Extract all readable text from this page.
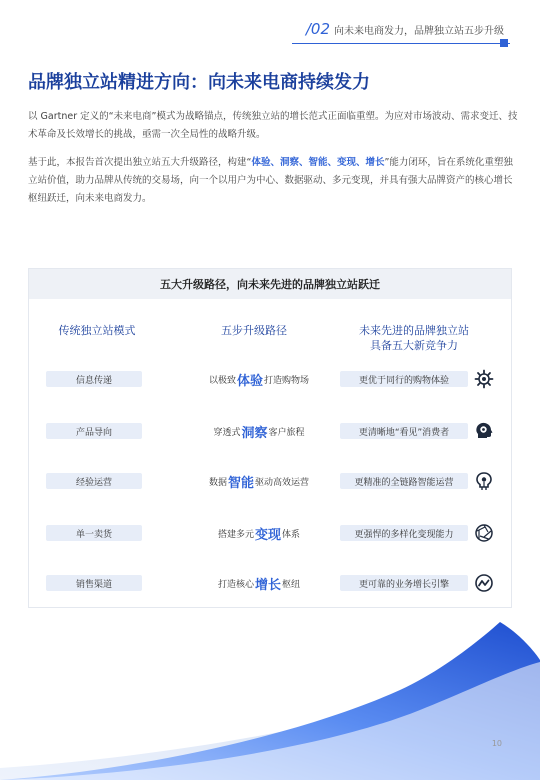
/02 向未来电商发力，品牌独立站五步升级
品牌独立站精进方向：向未来电商持续发力

以 Gartner 定义的“未来电商”模式为战略锚点，传统独立站的增长范式正面临重塑。为应对市场波动、需求变迁、技术革命及长效增长的挑战，亟需一次全局性的战略升级。

基于此，本报告首次提出独立站五大升级路径，构建“体验、洞察、智能、变现、增长”能力闭环，旨在系统化重塑独立站价值，助力品牌从传统的交易场，向一个以用户为中心、数据驱动、多元变现，并具有强大品牌资产的核心增长枢纽跃迁，向未来电商发力。

五大升级路径，向未来先进的品牌独立站跃迁
传统独立站模式	五步升级路径	未来先进的品牌独立站
具备五大新竞争力
信息传递	以极致 体验 打造购物场	更优于同行的购物体验
产品导向	穿透式 洞察 客户旅程	更清晰地“看见”消费者
经验运营	数据 智能 驱动高效运营	更精准的全链路智能运营
单一卖货	搭建多元 变现 体系	更强悍的多样化变现能力
销售渠道	打造核心 增长 枢纽	更可靠的业务增长引擎
10
